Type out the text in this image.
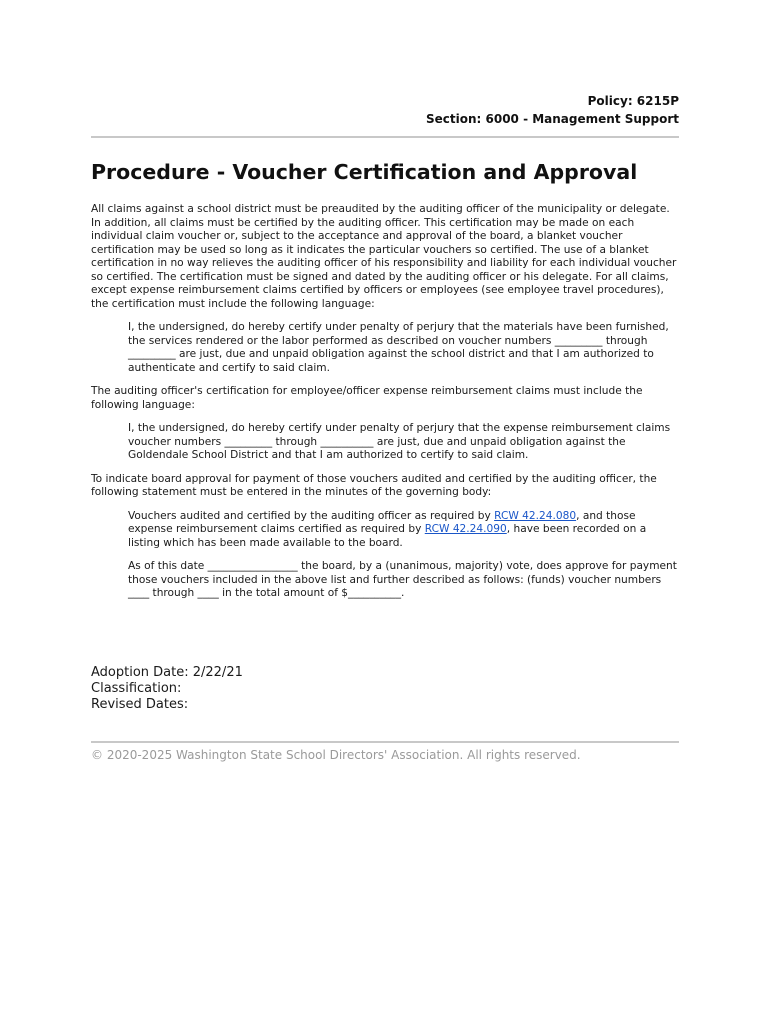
Policy: 6215P
Section: 6000 - Management Support
Procedure - Voucher Certification and Approval

All claims against a school district must be preaudited by the auditing officer of the municipality or delegate. In addition, all claims must be certified by the auditing officer. This certification may be made on each individual claim voucher or, subject to the acceptance and approval of the board, a blanket voucher certification may be used so long as it indicates the particular vouchers so certified. The use of a blanket certification in no way relieves the auditing officer of his responsibility and liability for each individual voucher so certified. The certification must be signed and dated by the auditing officer or his delegate. For all claims, except expense reimbursement claims certified by officers or employees (see employee travel procedures), the certification must include the following language:

I, the undersigned, do hereby certify under penalty of perjury that the materials have been furnished, the services rendered or the labor performed as described on voucher numbers _________ through _________ are just, due and unpaid obligation against the school district and that I am authorized to authenticate and certify to said claim.

The auditing officer's certification for employee/officer expense reimbursement claims must include the following language:

I, the undersigned, do hereby certify under penalty of perjury that the expense reimbursement claims voucher numbers _________ through __________ are just, due and unpaid obligation against the Goldendale School District and that I am authorized to certify to said claim.

To indicate board approval for payment of those vouchers audited and certified by the auditing officer, the following statement must be entered in the minutes of the governing body:

Vouchers audited and certified by the auditing officer as required by RCW 42.24.080, and those expense reimbursement claims certified as required by RCW 42.24.090, have been recorded on a listing which has been made available to the board.

As of this date _________________ the board, by a (unanimous, majority) vote, does approve for payment those vouchers included in the above list and further described as follows: (funds) voucher numbers ____ through ____ in the total amount of $__________.

Adoption Date: 2/22/21
Classification:
Revised Dates:
© 2020-2025 Washington State School Directors' Association. All rights reserved.
